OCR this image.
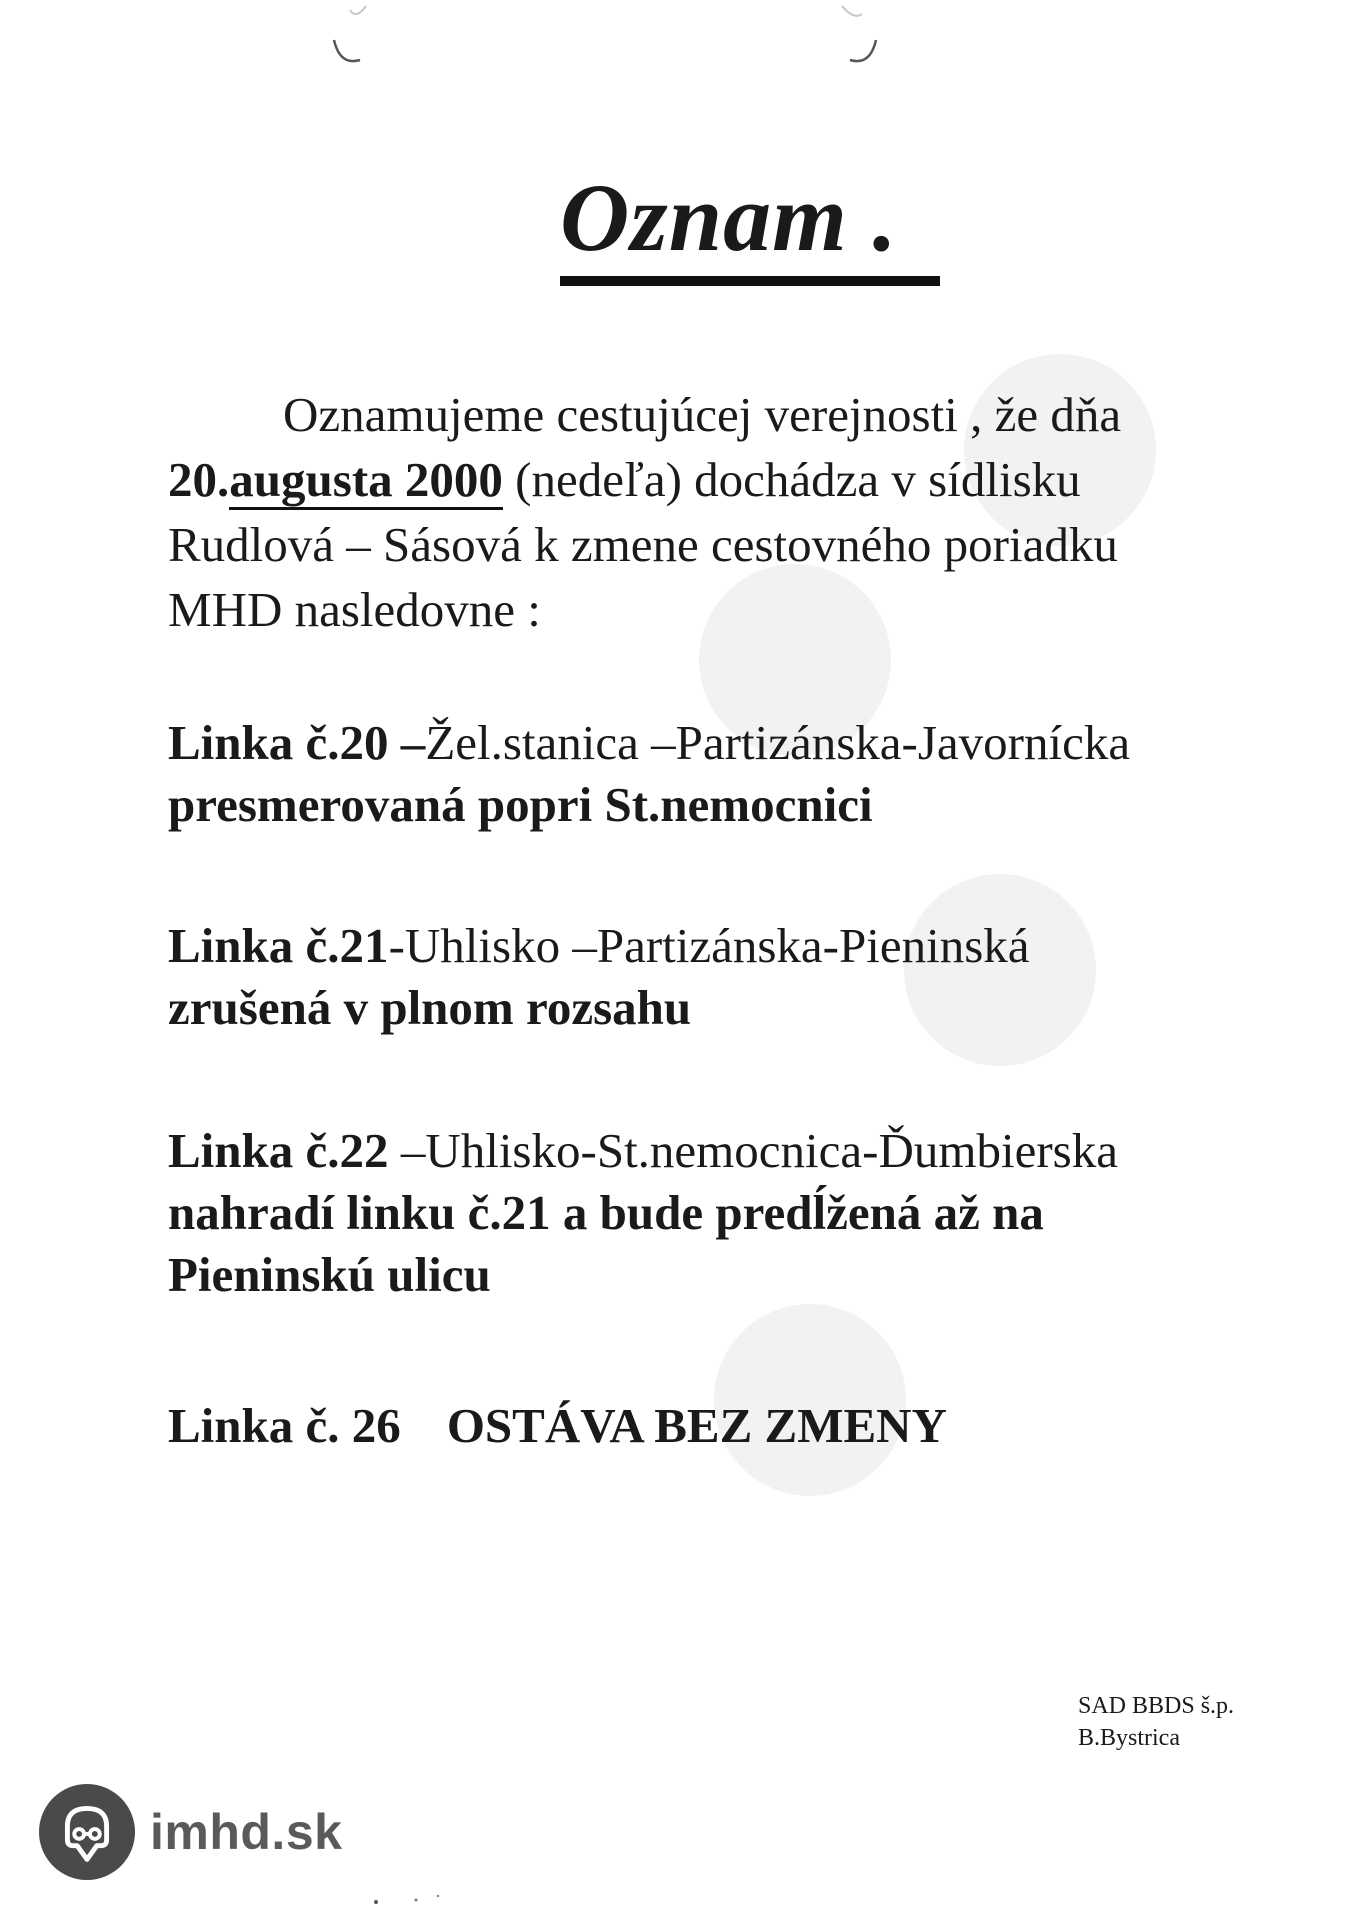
Oznam .
Oznamujeme cestujúcej verejnosti , že dňa
20.augusta 2000 (nedeľa) dochádza v sídlisku
Rudlová – Sásová k zmene cestovného poriadku
MHD nasledovne :
Linka č.20 –Žel.stanica –Partizánska-Javornícka
presmerovaná popri St.nemocnici
Linka č.21-Uhlisko –Partizánska-Pieninská
zrušená v plnom rozsahu
Linka č.22 –Uhlisko-St.nemocnica-Ďumbierska
nahradí linku č.21 a bude predĺžená až na
Pieninskú ulicu
Linka č. 26 OSTÁVA BEZ ZMENY
SAD BBDS š.p.
B.Bystrica
imhd.sk
